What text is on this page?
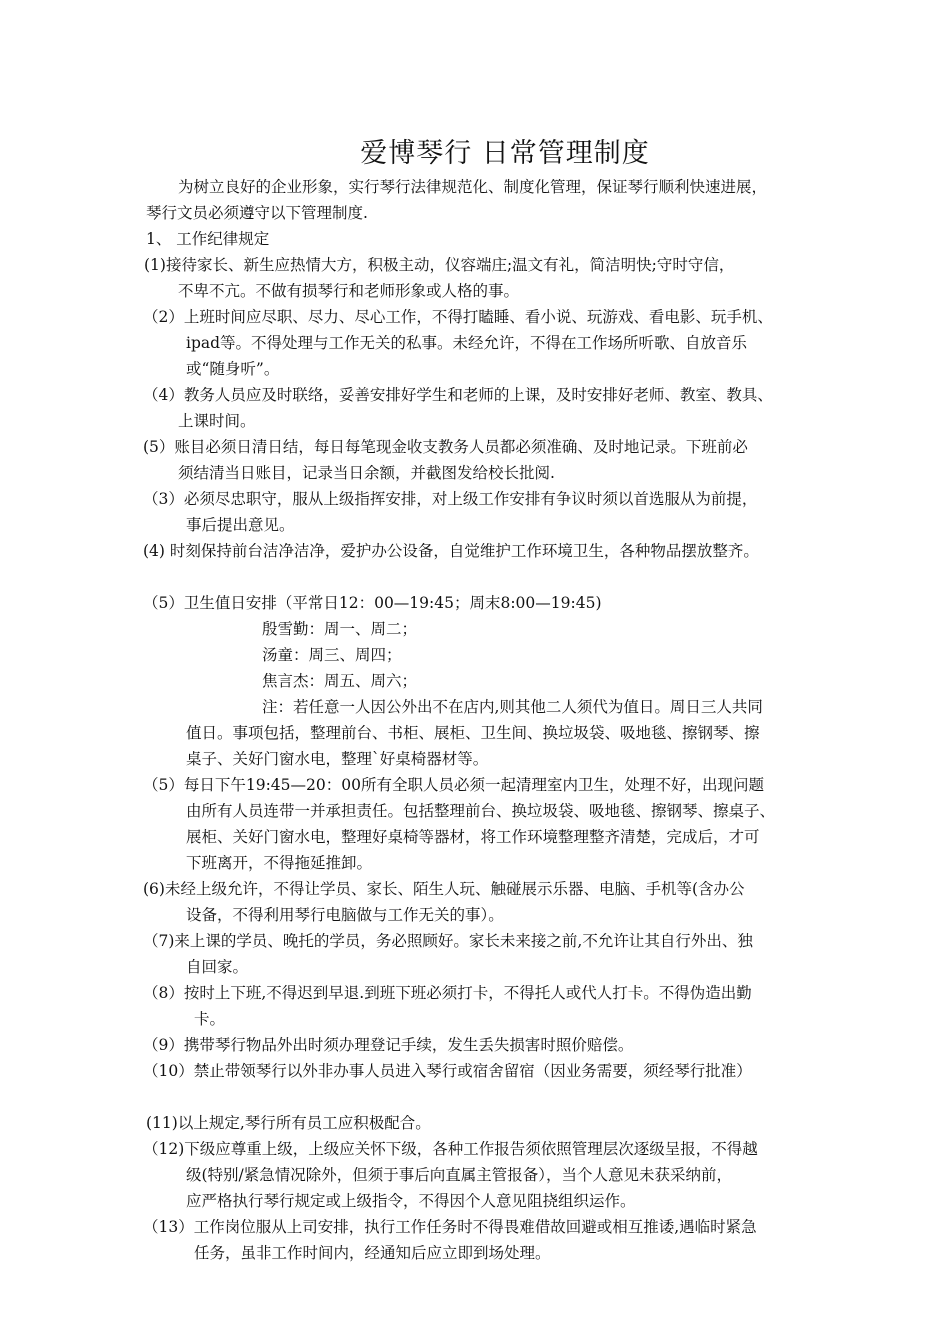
爱博琴行 日常管理制度
为树立良好的企业形象，实行琴行法律规范化、制度化管理，保证琴行顺利快速进展，
琴行文员必须遵守以下管理制度.
1、 工作纪律规定
(1)接待家长、新生应热情大方，积极主动，仪容端庄;温文有礼，简洁明快;守时守信，
不卑不亢。不做有损琴行和老师形象或人格的事。
（2）上班时间应尽职、尽力、尽心工作，不得打瞌睡、看小说、玩游戏、看电影、玩手机、
ipad等。不得处理与工作无关的私事。未经允许，不得在工作场所听歌、自放音乐
或“随身听”。
（4）教务人员应及时联络，妥善安排好学生和老师的上课，及时安排好老师、教室、教具、
上课时间。
(5）账目必须日清日结，每日每笔现金收支教务人员都必须准确、及时地记录。下班前必
须结清当日账目，记录当日余额，并截图发给校长批阅.
（3）必须尽忠职守，服从上级指挥安排，对上级工作安排有争议时须以首选服从为前提，
事后提出意见。
(4) 时刻保持前台洁净洁净，爱护办公设备，自觉维护工作环境卫生，各种物品摆放整齐。
（5）卫生值日安排（平常日12：00—19:45；周末8:00—19:45)
殷雪勤：周一、周二；
汤童：周三、周四；
焦言杰：周五、周六；
注：若任意一人因公外出不在店内,则其他二人须代为值日。周日三人共同
值日。事项包括，整理前台、书柜、展柜、卫生间、换垃圾袋、吸地毯、擦钢琴、擦
桌子、关好门窗水电，整理`好桌椅器材等。
（5）每日下午19:45—20：00所有全职人员必须一起清理室内卫生，处理不好，出现问题
由所有人员连带一并承担责任。包括整理前台、换垃圾袋、吸地毯、擦钢琴、擦桌子、
展柜、关好门窗水电，整理好桌椅等器材，将工作环境整理整齐清楚，完成后，才可
下班离开，不得拖延推卸。
(6)未经上级允许，不得让学员、家长、陌生人玩、触碰展示乐器、电脑、手机等(含办公
设备，不得利用琴行电脑做与工作无关的事）。
（7)来上课的学员、晚托的学员，务必照顾好。家长未来接之前,不允许让其自行外出、独
自回家。
（8）按时上下班,不得迟到早退.到班下班必须打卡，不得托人或代人打卡。不得伪造出勤
卡。
（9）携带琴行物品外出时须办理登记手续，发生丢失损害时照价赔偿。
（10）禁止带领琴行以外非办事人员进入琴行或宿舍留宿（因业务需要，须经琴行批准）
(11)以上规定,琴行所有员工应积极配合。
（12)下级应尊重上级，上级应关怀下级，各种工作报告须依照管理层次逐级呈报，不得越
级(特别/紧急情况除外，但须于事后向直属主管报备），当个人意见未获采纳前，
应严格执行琴行规定或上级指令，不得因个人意见阻挠组织运作。
（13）工作岗位服从上司安排，执行工作任务时不得畏难借故回避或相互推诿,遇临时紧急
任务，虽非工作时间内，经通知后应立即到场处理。
